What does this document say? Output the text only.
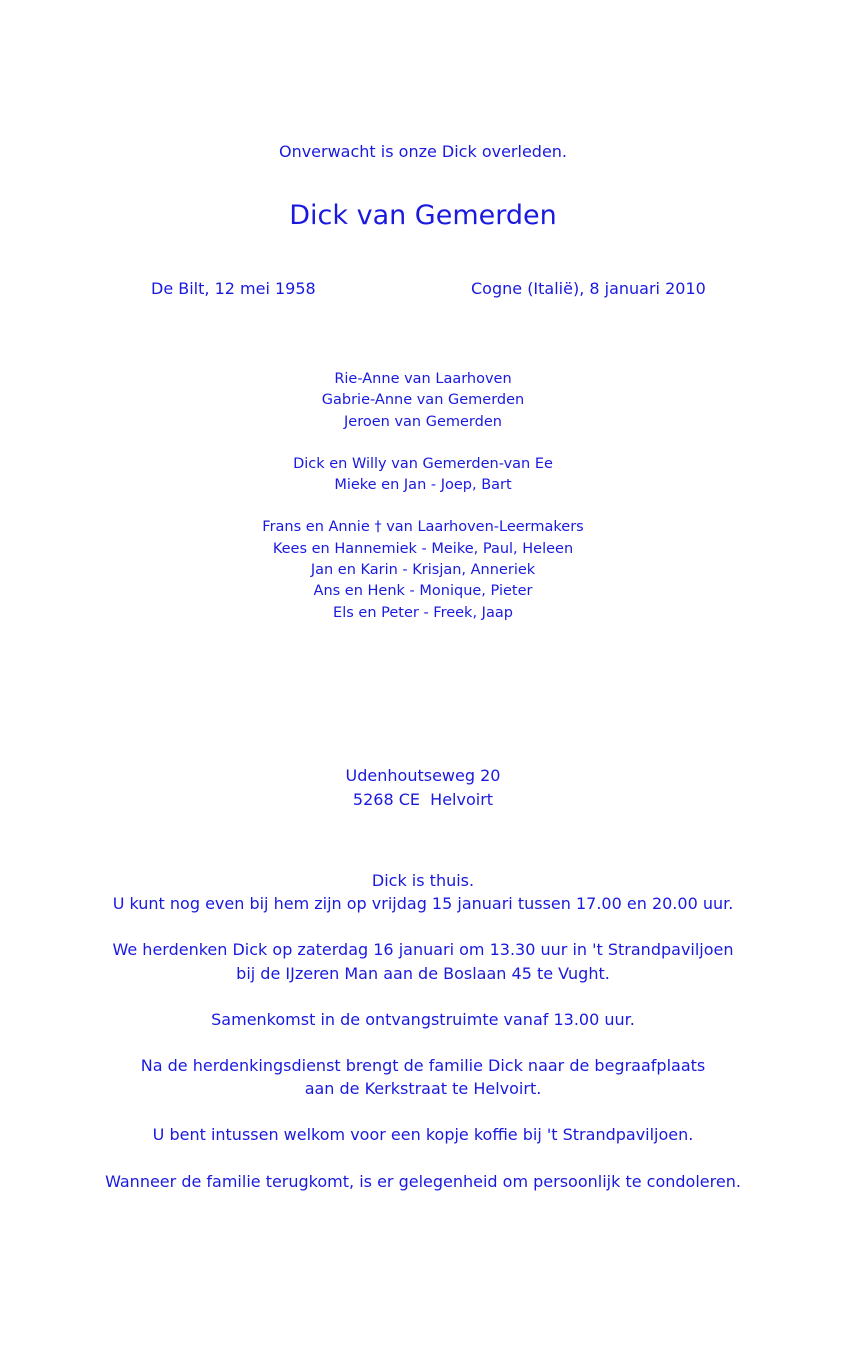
Onverwacht is onze Dick overleden.
Dick van Gemerden
De Bilt, 12 mei 1958	Cogne (Italië), 8 januari 2010
Rie-Anne van Laarhoven
Gabrie-Anne van Gemerden
Jeroen van Gemerden
Dick en Willy van Gemerden-van Ee
Mieke en Jan - Joep, Bart
Frans en Annie † van Laarhoven-Leermakers
Kees en Hannemiek - Meike, Paul, Heleen
Jan en Karin - Krisjan, Anneriek
Ans en Henk - Monique, Pieter
Els en Peter - Freek, Jaap
Udenhoutseweg 20
5268 CE  Helvoirt
Dick is thuis.
U kunt nog even bij hem zijn op vrijdag 15 januari tussen 17.00 en 20.00 uur.
We herdenken Dick op zaterdag 16 januari om 13.30 uur in 't Strandpaviljoen
bij de IJzeren Man aan de Boslaan 45 te Vught.
Samenkomst in de ontvangstruimte vanaf 13.00 uur.
Na de herdenkingsdienst brengt de familie Dick naar de begraafplaats
aan de Kerkstraat te Helvoirt.
U bent intussen welkom voor een kopje koffie bij 't Strandpaviljoen.
Wanneer de familie terugkomt, is er gelegenheid om persoonlijk te condoleren.
